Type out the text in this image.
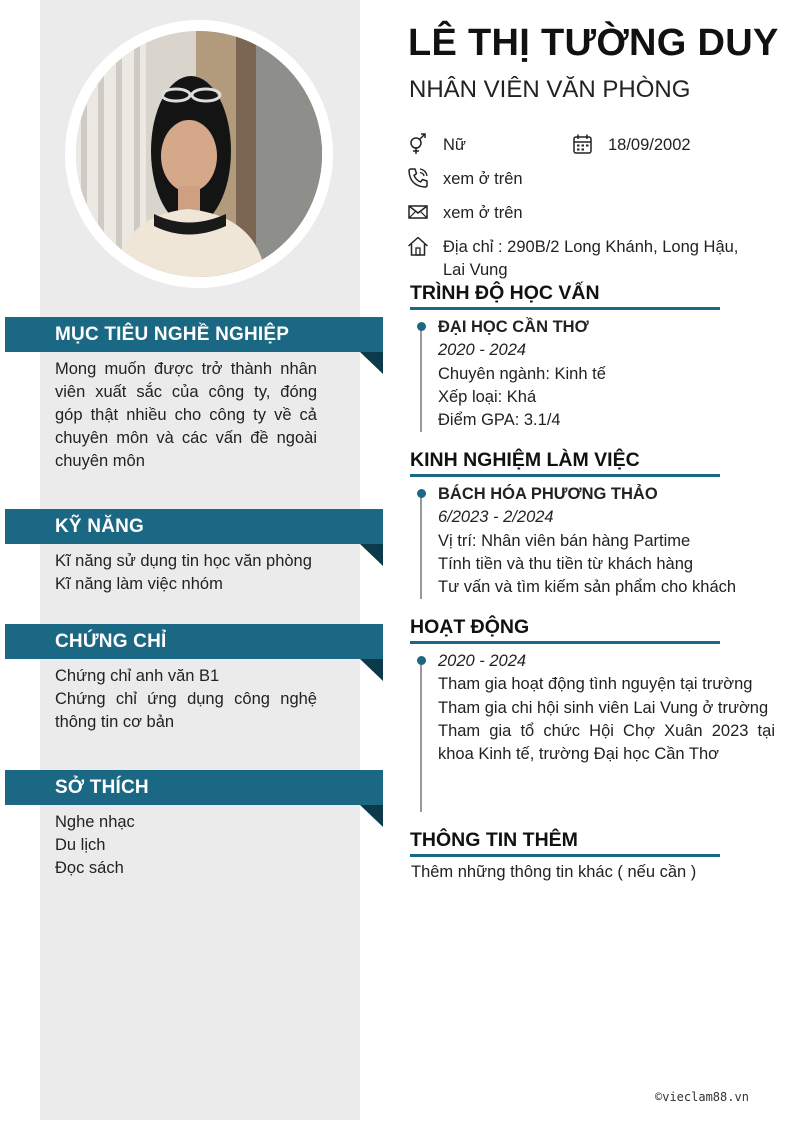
MỤC TIÊU NGHỀ NGHIỆP
Mong muốn được trở thành nhân viên xuất sắc của công ty, đóng góp thật nhiều cho công ty về cả chuyên môn và các vấn đề ngoài chuyên môn
KỸ NĂNG
Kĩ năng sử dụng tin học văn phòng
Kĩ năng làm việc nhóm
CHỨNG CHỈ
Chứng chỉ anh văn B1
Chứng chỉ ứng dụng công nghệ thông tin cơ bản
SỞ THÍCH
Nghe nhạc
Du lịch
Đọc sách
LÊ THỊ TƯỜNG DUY
NHÂN VIÊN VĂN PHÒNG
Nữ	18/09/2002
xem ở trên
xem ở trên
Địa chỉ : 290B/2 Long Khánh, Long Hậu,
Lai Vung
TRÌNH ĐỘ HỌC VẤN
ĐẠI HỌC CẦN THƠ
2020 - 2024
Chuyên ngành: Kinh tế
Xếp loại: Khá
Điểm GPA: 3.1/4
KINH NGHIỆM LÀM VIỆC
BÁCH HÓA PHƯƠNG THẢO
6/2023 - 2/2024
Vị trí: Nhân viên bán hàng Partime
Tính tiền và thu tiền từ khách hàng
Tư vấn và tìm kiếm sản phẩm cho khách
HOẠT ĐỘNG
2020 - 2024
Tham gia hoạt động tình nguyện tại trường
Tham gia chi hội sinh viên Lai Vung ở trường
Tham gia tổ chức Hội Chợ Xuân 2023 tại khoa Kinh tế, trường Đại học Cần Thơ
THÔNG TIN THÊM
Thêm những thông tin khác ( nếu cần )
©vieclam88.vn
